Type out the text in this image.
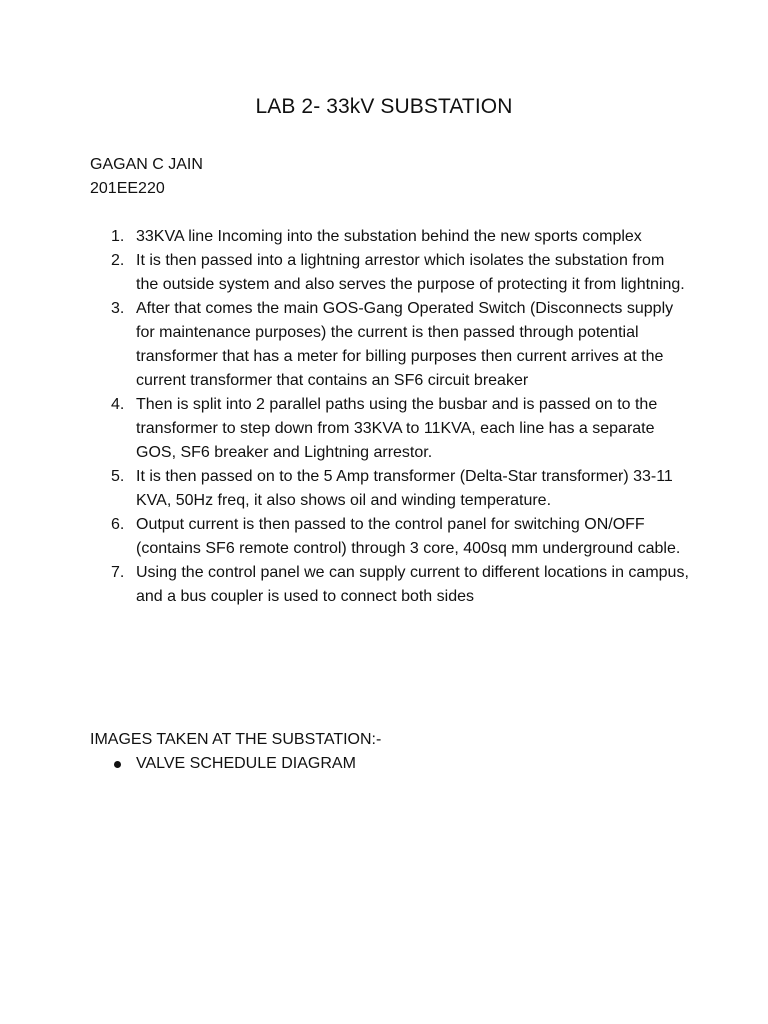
LAB 2- 33kV SUBSTATION
GAGAN C JAIN
201EE220
1. 33KVA line Incoming into the substation behind the new sports complex
2. It is then passed into a lightning arrestor which isolates the substation from the outside system and also serves the purpose of protecting it from lightning.
3. After that comes the main GOS-Gang Operated Switch (Disconnects supply for maintenance purposes) the current is then passed through potential transformer that has a meter for billing purposes then current arrives at the current transformer that contains an SF6 circuit breaker
4. Then is split into 2 parallel paths using the busbar and is passed on to the transformer to step down from 33KVA to 11KVA, each line has a separate GOS, SF6 breaker and Lightning arrestor.
5. It is then passed on to the 5 Amp transformer (Delta-Star transformer) 33-11 KVA, 50Hz freq, it also shows oil and winding temperature.
6. Output current is then passed to the control panel for switching ON/OFF (contains SF6 remote control) through 3 core, 400sq mm underground cable.
7. Using the control panel we can supply current to different locations in campus, and a bus coupler is used to connect both sides
IMAGES TAKEN AT THE SUBSTATION:-
VALVE SCHEDULE DIAGRAM
